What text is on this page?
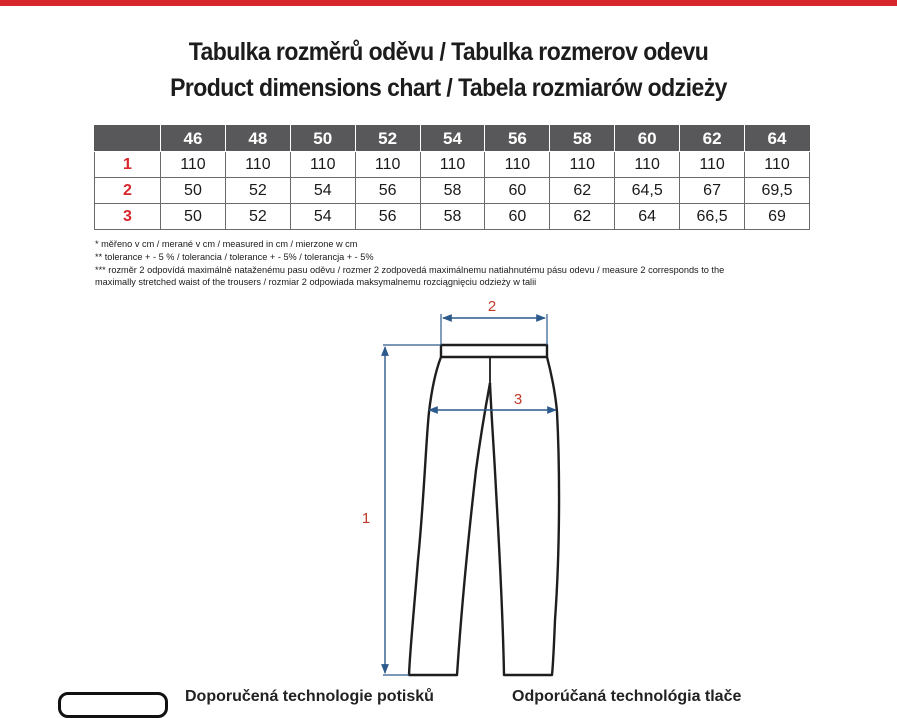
Tabulka rozměrů oděvu / Tabulka rozmerov odevu
Product dimensions chart / Tabela rozmiarów odzieży
	46	48	50	52	54	56	58	60	62	64
1	110	110	110	110	110	110	110	110	110	110
2	50	52	54	56	58	60	62	64,5	67	69,5
3	50	52	54	56	58	60	62	64	66,5	69
* měřeno v cm / merané v cm / measured in cm / mierzone w cm
** tolerance + - 5 % / tolerancia / tolerance + - 5% / tolerancja + - 5%
*** rozměr 2 odpovídá maximálně nataženému pasu oděvu / rozmer 2 zodpovedá maximálnemu natiahnutému pásu odevu / measure 2 corresponds to the
maximally stretched waist of the trousers / rozmiar 2 odpowiada maksymalnemu rozciągnięciu odzieży w talii
2
3
1
Doporučená technologie potisků	Odporúčaná technológia tlače
